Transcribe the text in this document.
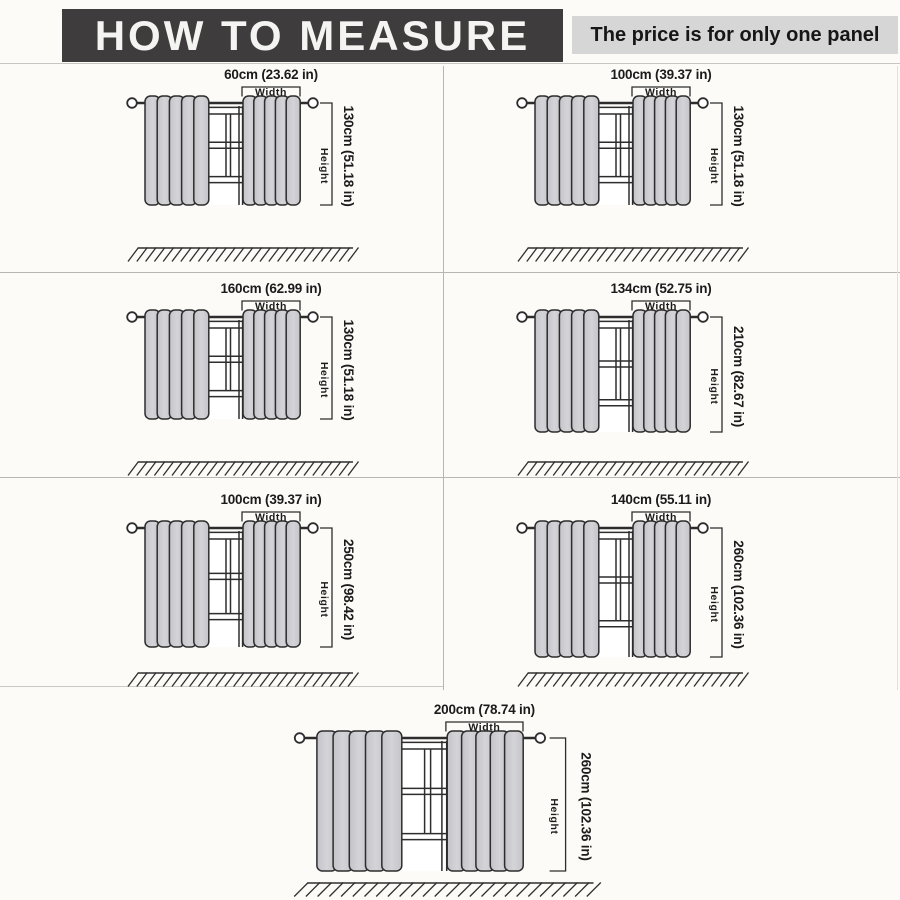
HOW TO MEASURE	The price is for only one panel
60cm (23.62 in)
Width
Height 130cm (51.18 in)
100cm (39.37 in)
Width
Height 130cm (51.18 in)
160cm (62.99 in)
Width
Height 130cm (51.18 in)
134cm (52.75 in)
Width
Height 210cm (82.67 in)
100cm (39.37 in)
Width
Height 250cm (98.42 in)
140cm (55.11 in)
Width
Height 260cm (102.36 in)
200cm (78.74 in)
Width
Height 260cm (102.36 in)
